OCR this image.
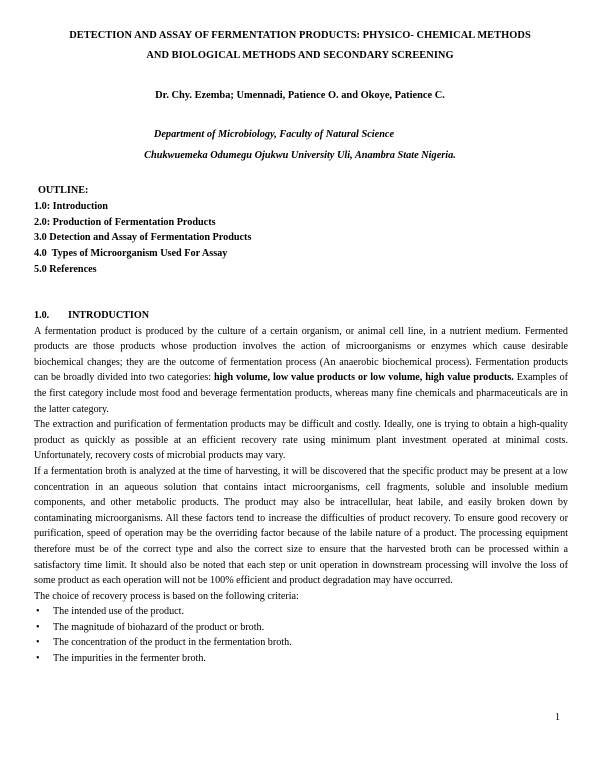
DETECTION AND ASSAY OF FERMENTATION PRODUCTS: PHYSICO- CHEMICAL METHODS
AND BIOLOGICAL METHODS AND SECONDARY SCREENING
Dr. Chy. Ezemba; Umennadi, Patience O. and Okoye, Patience C.
Department of Microbiology, Faculty of Natural Science
Chukwuemeka Odumegu Ojukwu University Uli, Anambra State Nigeria.
OUTLINE:
1.0: Introduction
2.0: Production of Fermentation Products
3.0 Detection and Assay of Fermentation Products
4.0  Types of Microorganism Used For Assay
5.0 References
1.0. INTRODUCTION

A fermentation product is produced by the culture of a certain organism, or animal cell line, in a nutrient medium. Fermented products are those products whose production involves the action of microorganisms or enzymes which cause desirable biochemical changes; they are the outcome of fermentation process (An anaerobic biochemical process). Fermentation products can be broadly divided into two categories: high volume, low value products or low volume, high value products. Examples of the first category include most food and beverage fermentation products, whereas many fine chemicals and pharmaceuticals are in the latter category.

The extraction and purification of fermentation products may be difficult and costly. Ideally, one is trying to obtain a high-quality product as quickly as possible at an efficient recovery rate using minimum plant investment operated at minimal costs. Unfortunately, recovery costs of microbial products may vary.

If a fermentation broth is analyzed at the time of harvesting, it will be discovered that the specific product may be present at a low concentration in an aqueous solution that contains intact microorganisms, cell fragments, soluble and insoluble medium components, and other metabolic products. The product may also be intracellular, heat labile, and easily broken down by contaminating microorganisms. All these factors tend to increase the difficulties of product recovery. To ensure good recovery or purification, speed of operation may be the overriding factor because of the labile nature of a product. The processing equipment therefore must be of the correct type and also the correct size to ensure that the harvested broth can be processed within a satisfactory time limit. It should also be noted that each step or unit operation in downstream processing will involve the loss of some product as each operation will not be 100% efficient and product degradation may have occurred.

The choice of recovery process is based on the following criteria:

• The intended use of the product.
• The magnitude of biohazard of the product or broth.
• The concentration of the product in the fermentation broth.
• The impurities in the fermenter broth.
1
